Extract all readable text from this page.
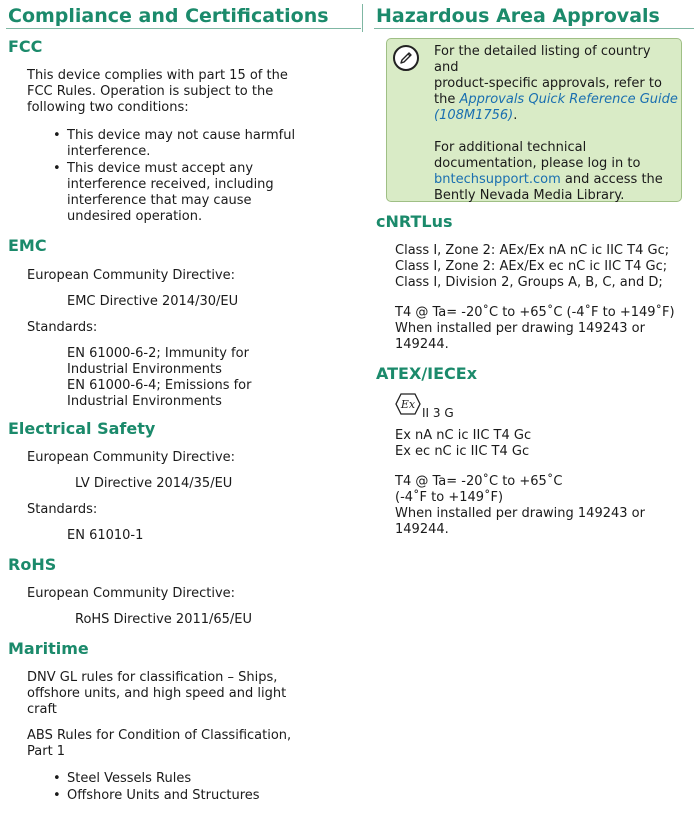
Compliance and Certifications
FCC

This device complies with part 15 of the

FCC Rules. Operation is subject to the

following two conditions:

• This device may not cause harmful
interference.
• This device must accept any
interference received, including
interference that may cause
undesired operation.
EMC

European Community Directive:

EMC Directive 2014/30/EU

Standards:

EN 61000-6-2; Immunity for

Industrial Environments

EN 61000-6-4; Emissions for

Industrial Environments

Electrical Safety

European Community Directive:

LV Directive 2014/35/EU

Standards:

EN 61010-1

RoHS

European Community Directive:

RoHS Directive 2011/65/EU

Maritime

DNV GL rules for classification – Ships,

offshore units, and high speed and light

craft

ABS Rules for Condition of Classification,

Part 1

• Steel Vessels Rules
• Offshore Units and Structures
Hazardous Area Approvals

For the detailed listing of country and

product-specific approvals, refer to

the Approvals Quick Reference Guide

(108M1756).

For additional technical

documentation, please log in to

bntechsupport.com and access the

Bently Nevada Media Library.

cNRTLus

Class I, Zone 2: AEx/Ex nA nC ic IIC T4 Gc;

Class I, Zone 2: AEx/Ex ec nC ic IIC T4 Gc;

Class I, Division 2, Groups A, B, C, and D;

T4 @ Ta= -20˚C to +65˚C (-4˚F to +149˚F)

When installed per drawing 149243 or

149244.

ATEX/IECEx
Ex
II 3 G

Ex nA nC ic IIC T4 Gc

Ex ec nC ic IIC T4 Gc

T4 @ Ta= -20˚C to +65˚C

(-4˚F to +149˚F)

When installed per drawing 149243 or

149244.
